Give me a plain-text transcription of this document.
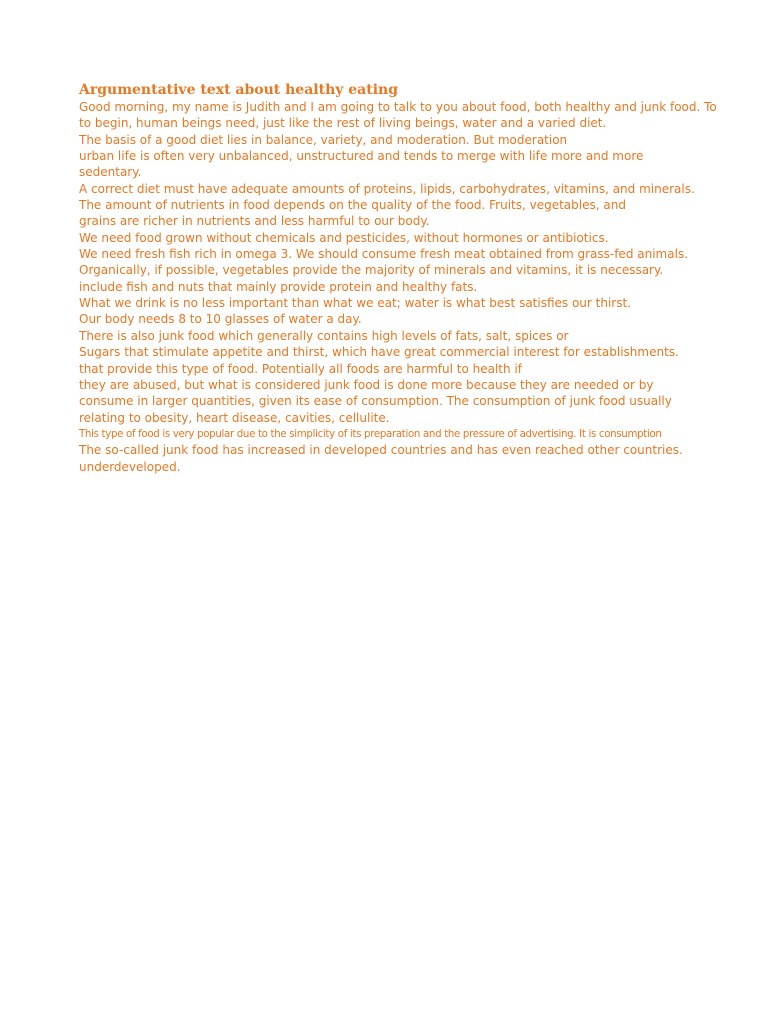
Argumentative text about healthy eating

Good morning, my name is Judith and I am going to talk to you about food, both healthy and junk food. To

to begin, human beings need, just like the rest of living beings, water and a varied diet.

The basis of a good diet lies in balance, variety, and moderation. But moderation

urban life is often very unbalanced, unstructured and tends to merge with life more and more

sedentary.

A correct diet must have adequate amounts of proteins, lipids, carbohydrates, vitamins, and minerals.

The amount of nutrients in food depends on the quality of the food. Fruits, vegetables, and

grains are richer in nutrients and less harmful to our body.

We need food grown without chemicals and pesticides, without hormones or antibiotics.

We need fresh fish rich in omega 3. We should consume fresh meat obtained from grass-fed animals.

Organically, if possible, vegetables provide the majority of minerals and vitamins, it is necessary.

include fish and nuts that mainly provide protein and healthy fats.

What we drink is no less important than what we eat; water is what best satisfies our thirst.

Our body needs 8 to 10 glasses of water a day.

There is also junk food which generally contains high levels of fats, salt, spices or

Sugars that stimulate appetite and thirst, which have great commercial interest for establishments.

that provide this type of food. Potentially all foods are harmful to health if

they are abused, but what is considered junk food is done more because they are needed or by

consume in larger quantities, given its ease of consumption. The consumption of junk food usually

relating to obesity, heart disease, cavities, cellulite.

This type of food is very popular due to the simplicity of its preparation and the pressure of advertising. It is consumption

The so-called junk food has increased in developed countries and has even reached other countries.

underdeveloped.
